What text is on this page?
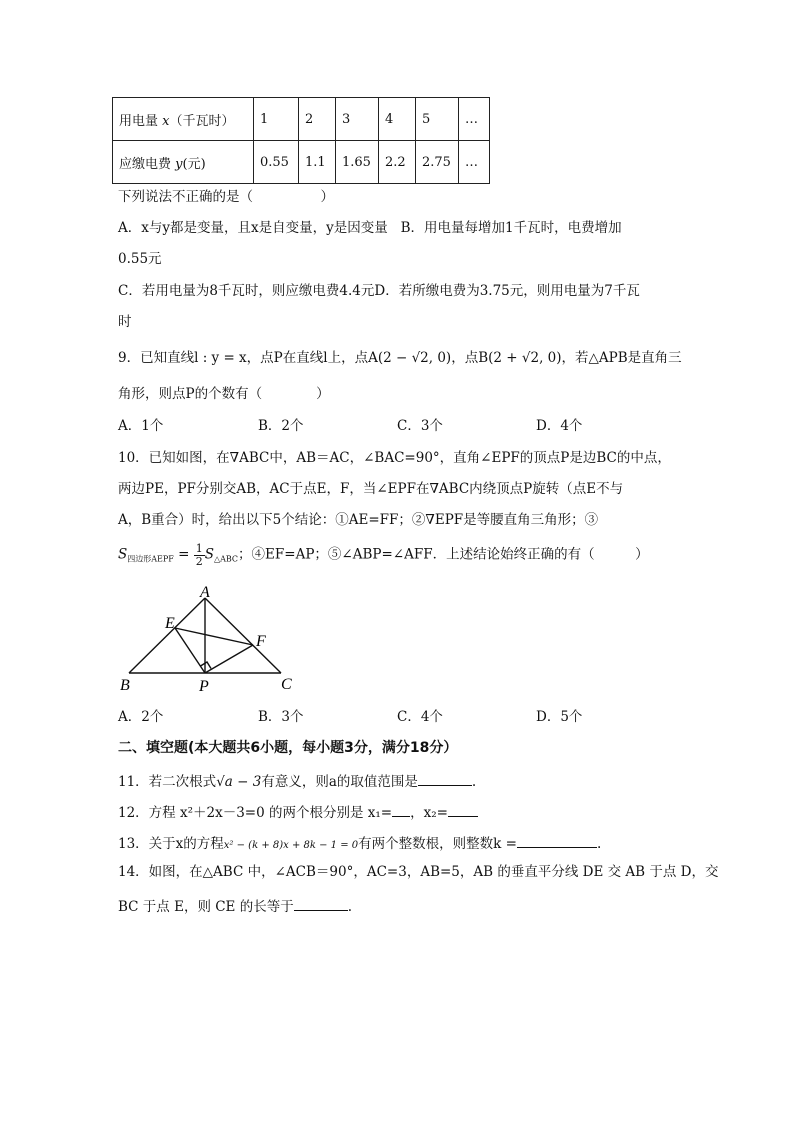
用电量 x（千瓦时）	1	2	3	4	5	…
应缴电费 y(元)	0.55	1.1	1.65	2.2	2.75	…
下列说法不正确的是（　　　　　）
A．x与y都是变量，且x是自变量，y是因变量 B．用电量每增加1千瓦时，电费增加
0.55元
C．若用电量为8千瓦时，则应缴电费4.4元D．若所缴电费为3.75元，则用电量为7千瓦
时
9．已知直线l : y = x，点P在直线l上，点A(2 − √2, 0)，点B(2 + √2, 0)，若△APB是直角三
角形，则点P的个数有（　　　　）
A．1个	B．2个	C．3个	D．4个
10．已知如图，在∇ABC中，AB＝AC，∠BAC=90°，直角∠EPF的顶点P是边BC的中点，
两边PE，PF分别交AB，AC于点E，F，当∠EPF在∇ABC内绕顶点P旋转（点E不与
A，B重合）时，给出以下5个结论：①AE=FF；②∇EPF是等腰直角三角形；③
$S_{四边形AEPF} = \frac{1}{2} S_{\triangle ABC}$；④EF=AP；⑤∠ABP=∠AFF．上述结论始终正确的有（　　　）
A
E
F
B	P	C
A．2个	B．3个	C．4个	D．5个
二、填空题(本大题共6小题，每小题3分，满分18分）
11．若二次根式√a − 3有意义，则a的取值范围是	.
12．方程 x²＋2x－3=0 的两个根分别是 x₁= ，x₂=
13．关于x的方程x² − (k + 8)x + 8k − 1 = 0有两个整数根，则整数k =	.
14．如图，在△ABC 中，∠ACB＝90°，AC=3，AB=5，AB 的垂直平分线 DE 交 AB 于点 D，交
BC 于点 E，则 CE 的长等于	.
